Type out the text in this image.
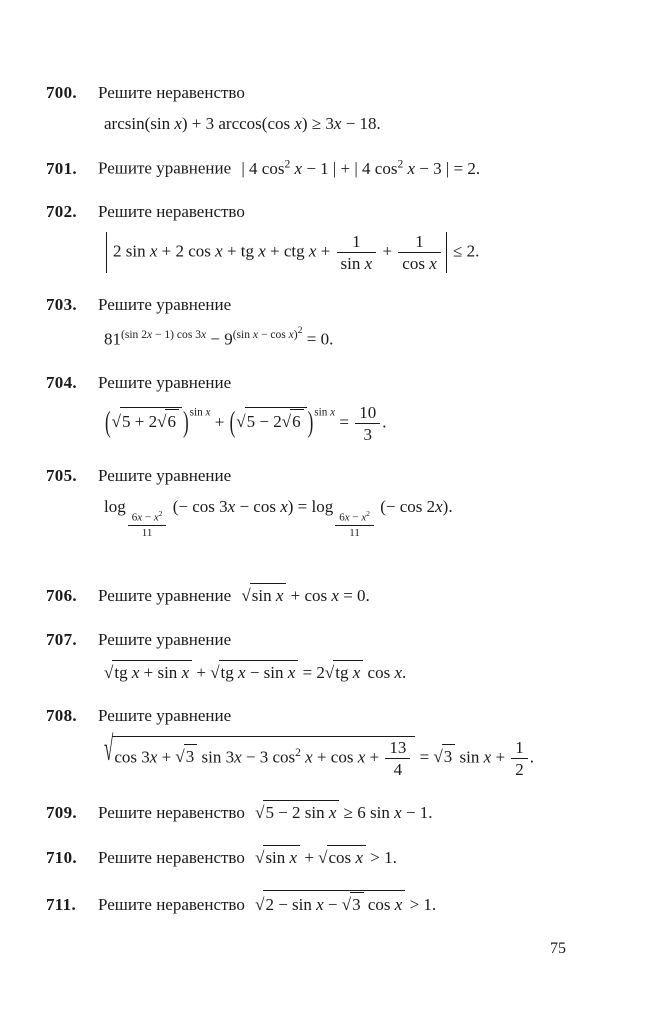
700.	Решите неравенство
arcsin(sin x) + 3 arccos(cos x) ≥ 3x − 18.
701.	Решите уравнение | 4 $\cos^2 x - 1$ | + | 4 $\cos^2 x - 3$ | = 2.
702.	Решите неравенство
2 sin x + 2 cos x + tg x + ctg $x + \frac{1}{\text{sin x}} + \frac{1}{\text{cos x}} \le 2$.
703.	Решите уравнение
$81^{(sin 2x - 1) cos 3x} - 9^{(sin x - cos x)^2} = 0$.
704.	Решите уравнение
( √ 5 + 2 √ 6 )$^{sin x}$ + ( √ 5 − 2 √ 6 )$^{sin x} = \frac{10}{3}$ .
705.	Решите уравнение
log
$_{\frac{6x - x^2}{11}}$
(− cos 3x − cos x) = log
$_{\frac{6x - x^2}{11}}$
(− cos 2x).
706.	Решите уравнение √ sin x + cos x = 0.
707.	Решите уравнение
√ tg x + sin x + √ tg x − sin x = 2 √ tg x cos x.
708.	Решите уравнение
√ cos 3x + √ 3 sin 3x − 3 $\cos^2 x + \cos x + \frac{13}{4}$ = √ 3 $\sin x + \frac{1}{2}$ .
709.	Решите неравенство √ 5 − 2 sin x ≥ 6 sin x − 1.
710.	Решите неравенство √ sin x + √ cos x > 1.
711.	Решите неравенство √ 2 − sin x − √ 3 cos x > 1.
75
